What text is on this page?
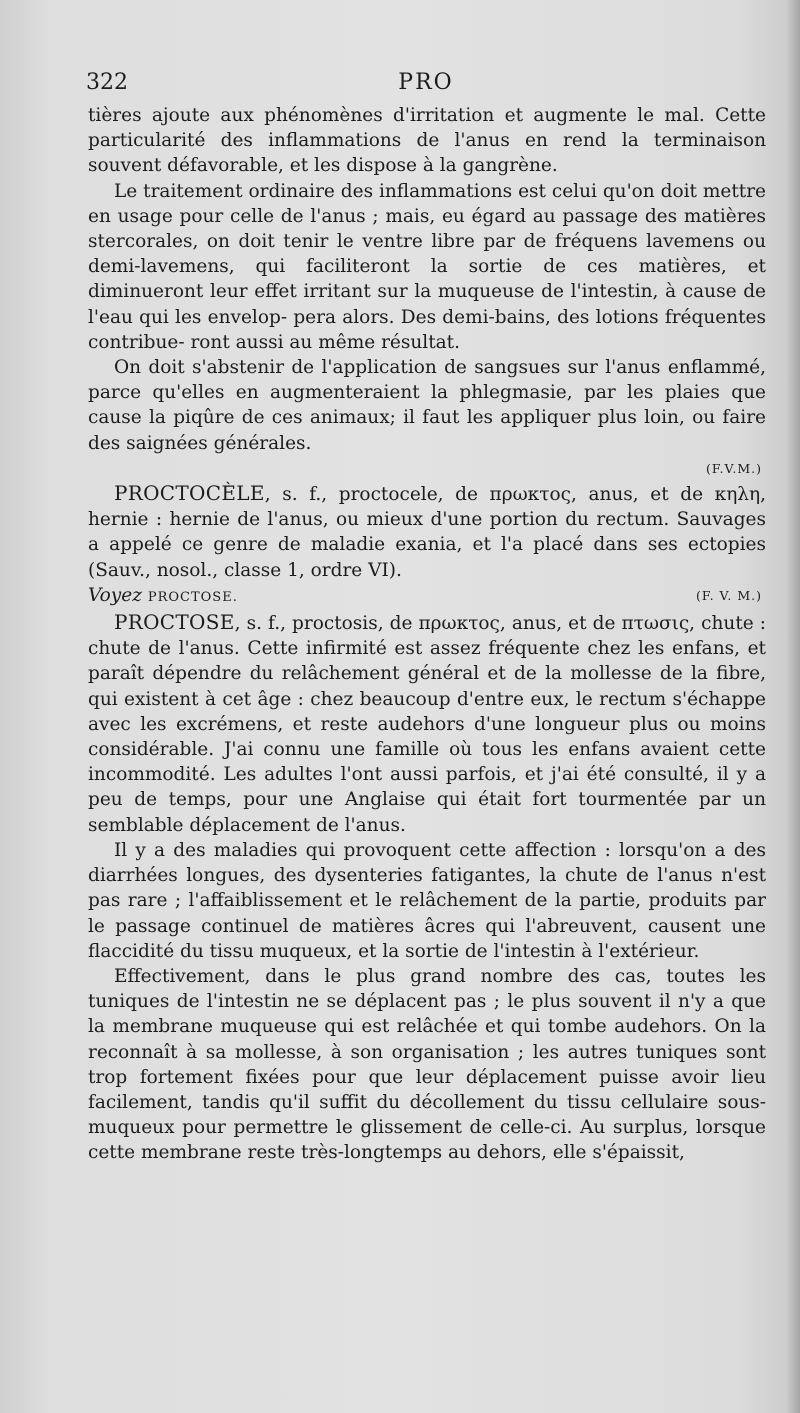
322	PRO

tières ajoute aux phénomènes d'irritation et augmente le mal. Cette particularité des inflammations de l'anus en rend la terminaison souvent défavorable, et les dispose à la gangrène.

Le traitement ordinaire des inflammations est celui qu'on doit mettre en usage pour celle de l'anus ; mais, eu égard au passage des matières stercorales, on doit tenir le ventre libre par de fréquens lavemens ou demi-lavemens, qui faciliteront la sortie de ces matières, et diminueront leur effet irritant sur la muqueuse de l'intestin, à cause de l'eau qui les envelop- pera alors. Des demi-bains, des lotions fréquentes contribue- ront aussi au même résultat.

On doit s'abstenir de l'application de sangsues sur l'anus enflammé, parce qu'elles en augmenteraient la phlegmasie, par les plaies que cause la piqûre de ces animaux; il faut les appliquer plus loin, ou faire des saignées générales.

(F.V.M.)

PROCTOCÈLE, s. f., proctocele, de πρωκτος, anus, et de κηλη, hernie : hernie de l'anus, ou mieux d'une portion du rectum. Sauvages a appelé ce genre de maladie exania, et l'a placé dans ses ectopies (Sauv., nosol., classe 1, ordre VI).

(F. V. M.)
Voyez PROCTOSE.

PROCTOSE, s. f., proctosis, de πρωκτος, anus, et de πτωσις, chute : chute de l'anus. Cette infirmité est assez fréquente chez les enfans, et paraît dépendre du relâchement général et de la mollesse de la fibre, qui existent à cet âge : chez beaucoup d'entre eux, le rectum s'échappe avec les excrémens, et reste audehors d'une longueur plus ou moins considérable. J'ai connu une famille où tous les enfans avaient cette incommodité. Les adultes l'ont aussi parfois, et j'ai été consulté, il y a peu de temps, pour une Anglaise qui était fort tourmentée par un semblable déplacement de l'anus.

Il y a des maladies qui provoquent cette affection : lorsqu'on a des diarrhées longues, des dysenteries fatigantes, la chute de l'anus n'est pas rare ; l'affaiblissement et le relâchement de la partie, produits par le passage continuel de matières âcres qui l'abreuvent, causent une flaccidité du tissu muqueux, et la sortie de l'intestin à l'extérieur.

Effectivement, dans le plus grand nombre des cas, toutes les tuniques de l'intestin ne se déplacent pas ; le plus souvent il n'y a que la membrane muqueuse qui est relâchée et qui tombe audehors. On la reconnaît à sa mollesse, à son organisation ; les autres tuniques sont trop fortement fixées pour que leur déplacement puisse avoir lieu facilement, tandis qu'il suffit du décollement du tissu cellulaire sous-muqueux pour permettre le glissement de celle-ci. Au surplus, lorsque cette membrane reste très-longtemps au dehors, elle s'épaissit,
